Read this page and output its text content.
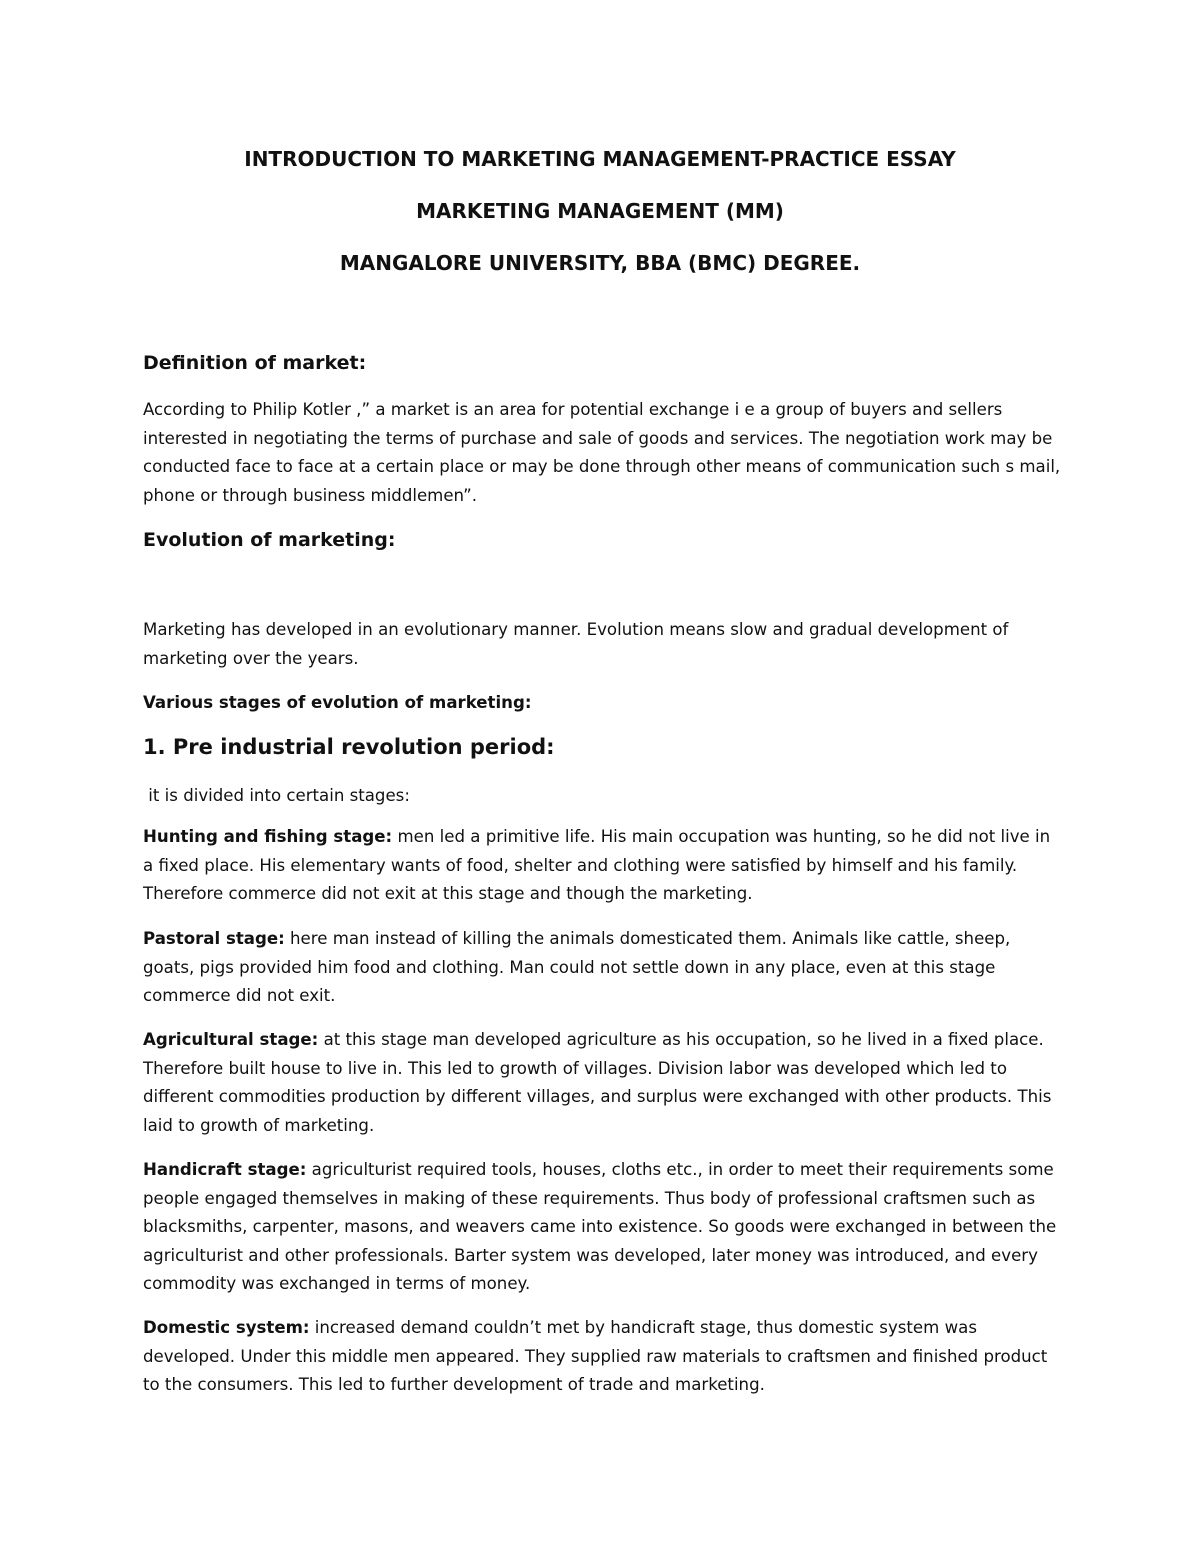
INTRODUCTION TO MARKETING MANAGEMENT-PRACTICE ESSAY
MARKETING MANAGEMENT (MM)
MANGALORE UNIVERSITY, BBA (BMC) DEGREE.
Definition of market:

According to Philip Kotler ,” a market is an area for potential exchange i e a group of buyers and sellers interested in negotiating the terms of purchase and sale of goods and services. The negotiation work may be conducted face to face at a certain place or may be done through other means of communication such s mail, phone or through business middlemen”.

Evolution of marketing:

Marketing has developed in an evolutionary manner. Evolution means slow and gradual development of marketing over the years.

Various stages of evolution of marketing:
1. Pre industrial revolution period:
it is divided into certain stages:

Hunting and fishing stage: men led a primitive life. His main occupation was hunting, so he did not live in a fixed place. His elementary wants of food, shelter and clothing were satisfied by himself and his family. Therefore commerce did not exit at this stage and though the marketing.

Pastoral stage: here man instead of killing the animals domesticated them. Animals like cattle, sheep, goats, pigs provided him food and clothing. Man could not settle down in any place, even at this stage commerce did not exit.

Agricultural stage: at this stage man developed agriculture as his occupation, so he lived in a fixed place. Therefore built house to live in. This led to growth of villages. Division labor was developed which led to different commodities production by different villages, and surplus were exchanged with other products. This laid to growth of marketing.

Handicraft stage: agriculturist required tools, houses, cloths etc., in order to meet their requirements some people engaged themselves in making of these requirements. Thus body of professional craftsmen such as blacksmiths, carpenter, masons, and weavers came into existence. So goods were exchanged in between the agriculturist and other professionals. Barter system was developed, later money was introduced, and every commodity was exchanged in terms of money.

Domestic system: increased demand couldn’t met by handicraft stage, thus domestic system was developed. Under this middle men appeared. They supplied raw materials to craftsmen and finished product to the consumers. This led to further development of trade and marketing.
